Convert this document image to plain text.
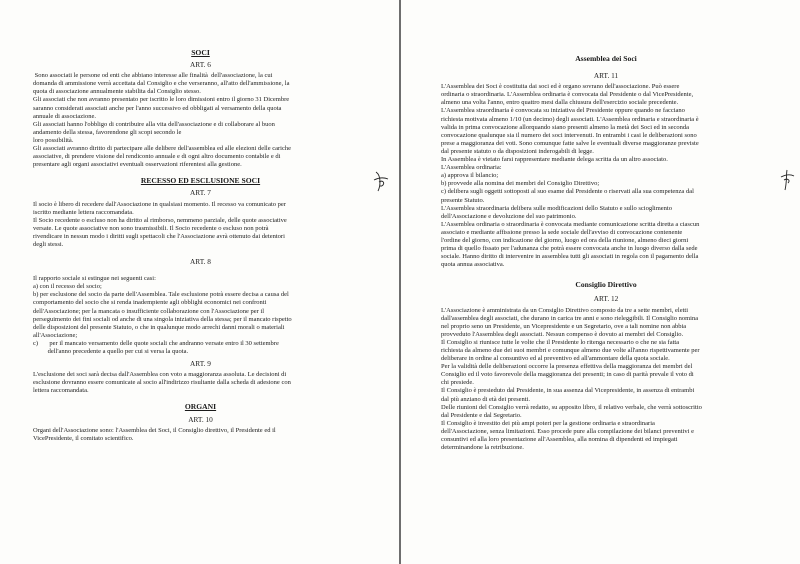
SOCI
ART. 6
Sono associati le persone od enti che abbiano interesse alle finalità  dell'associazione, la cui
domanda di ammissione verrà accettata dal Consiglio e che verseranno, all'atto dell'ammissione, la
quota di associazione annualmente stabilita dal Consiglio stesso.
Gli associati che non avranno presentato per iscritto le loro dimissioni entro il giorno 31 Dicembre
saranno considerati associati anche per l'anno successivo ed obbligati al versamento della quota
annuale di associazione.
Gli associati hanno l'obbligo di contribuire alla vita dell'associazione e di collaborare al buon
andamento della stessa, favorendone gli scopi secondo le
loro possibilità.
Gli associati avranno diritto di partecipare alle delibere dell'assemblea ed alle elezioni delle cariche
associative, di prendere visione del rendiconto annuale e di ogni altro documento contabile e di
presentare agli organi associativi eventuali osservazioni riferentesi alla gestione.
RECESSO ED ESCLUSIONE SOCI
ART. 7
Il socio è libero di recedere dall'Associazione in qualsiasi momento. Il recesso va comunicato per
iscritto mediante lettera raccomandata.
Il Socio recedente o escluso non ha diritto al rimborso, nemmeno parziale, delle quote associative
versate. Le quote associative non sono trasmissibili. Il Socio recedente o escluso non potrà
rivendicare in nessun modo i diritti sugli spettacoli che l'Associazione avrà ottenuto dai detentori
degli stessi.
ART. 8
Il rapporto sociale si estingue nei seguenti casi:
a) con il recesso del socio;
b) per esclusione del socio da parte dell'Assemblea. Tale esclusione potrà essere decisa a causa del
comportamento del socio che si renda inadempiente agli obblighi economici nei confronti
dell'Associazione; per la mancata o insufficiente collaborazione con l'Associazione per il
perseguimento dei fini sociali od anche di una singola iniziativa della stessa; per il mancato rispetto
delle disposizioni del presente Statuto, o che in qualunque modo arrechi danni morali o materiali
all'Associazione;
c)       per il mancato versamento delle quote sociali che andranno versate entro il 30 settembre
dell'anno precedente a quello per cui si versa la quota.
ART. 9
L'esclusione dei soci sarà decisa dall'Assemblea con voto a maggioranza assoluta. Le decisioni di
esclusione dovranno essere comunicate al socio all'indirizzo risultante dalla scheda di adesione con
lettera raccomandata.
ORGANI
ART. 10
Organi dell'Associazione sono: l'Assemblea dei Soci, il Consiglio direttivo, il Presidente ed il
VicePresidente, il comitato scientifico.
Assemblea dei Soci
ART. 11
L'Assemblea dei Soci è costituita dai soci ed è organo sovrano dell'associazione. Può essere
ordinaria o straordinaria. L'Assemblea ordinaria è convocata dal Presidente o dal VicePresidente,
almeno una volta l'anno, entro quattro mesi dalla chiusura dell'esercizio sociale precedente.
L'Assemblea straordinaria è convocata su iniziativa del Presidente oppure quando ne facciano
richiesta motivata almeno 1/10 (un decimo) degli associati. L'Assemblea ordinaria e straordinaria è
valida in prima convocazione allorquando siano presenti almeno la metà dei Soci ed in seconda
convocazione qualunque sia il numero dei soci intervenuti. In entrambi i casi le deliberazioni sono
prese a maggioranza dei voti. Sono comunque fatte salve le eventuali diverse maggioranze previste
dal presente statuto o da disposizioni inderogabili di legge.
In Assemblea è vietato farsi rappresentare mediante delega scritta da un altro associato.
L'Assemblea ordinaria:
a) approva il bilancio;
b) provvede alla nomina dei membri del Consiglio Direttivo;
c) delibera sugli oggetti sottoposti al suo esame dal Presidente o riservati alla sua competenza dal
presente Statuto.
L'Assemblea straordinaria delibera sulle modificazioni dello Statuto e sullo scioglimento
dell'Associazione e devoluzione del suo patrimonio.
L'Assemblea ordinaria o straordinaria è convocata mediante comunicazione scritta diretta a ciascun
associato e mediante affissione presso la sede sociale dell'avviso di convocazione contenente
l'ordine del giorno, con indicazione del giorno, luogo ed ora della riunione, almeno dieci giorni
prima di quello fissato per l'adunanza che potrà essere convocata anche in luogo diverso dalla sede
sociale. Hanno diritto di intervenire in assemblea tutti gli associati in regola con il pagamento della
quota annua associativa.
Consiglio Direttivo
ART. 12
L'Associazione è amministrata da un Consiglio Direttivo composto da tre a sette membri, eletti
dall'assemblea degli associati, che durano in carica tre anni e sono rieleggibili. Il Consiglio nomina
nel proprio seno un Presidente, un Vicepresidente e un Segretario, ove a tali nomine non abbia
provveduto l'Assemblea degli associati. Nessun compenso è dovuto ai membri del Consiglio.
Il Consiglio si riunisce tutte le volte che il Presidente lo ritenga necessario o che ne sia fatta
richiesta da almeno due dei suoi membri e comunque almeno due volte all'anno rispettivamente per
deliberare in ordine al consuntivo ed al preventivo ed all'ammontare della quota sociale.
Per la validità delle deliberazioni occorre la presenza effettiva della maggioranza dei membri del
Consiglio ed il voto favorevole della maggioranza dei presenti; in caso di parità prevale il voto di
chi presiede.
Il Consiglio è presieduto dal Presidente, in sua assenza dal Vicepresidente, in assenza di entrambi
dal più anziano di età dei presenti.
Delle riunioni del Consiglio verrà redatto, su apposito libro, il relativo verbale, che verrà sottoscritto
dal Presidente e dal Segretario.
Il Consiglio è investito dei più ampi poteri per la gestione ordinaria e straordinaria
dell'Associazione, senza limitazioni. Esso procede pure alla compilazione dei bilanci preventivi e
consuntivi ed alla loro presentazione all'Assemblea, alla nomina di dipendenti ed impiegati
determinandone la retribuzione.
